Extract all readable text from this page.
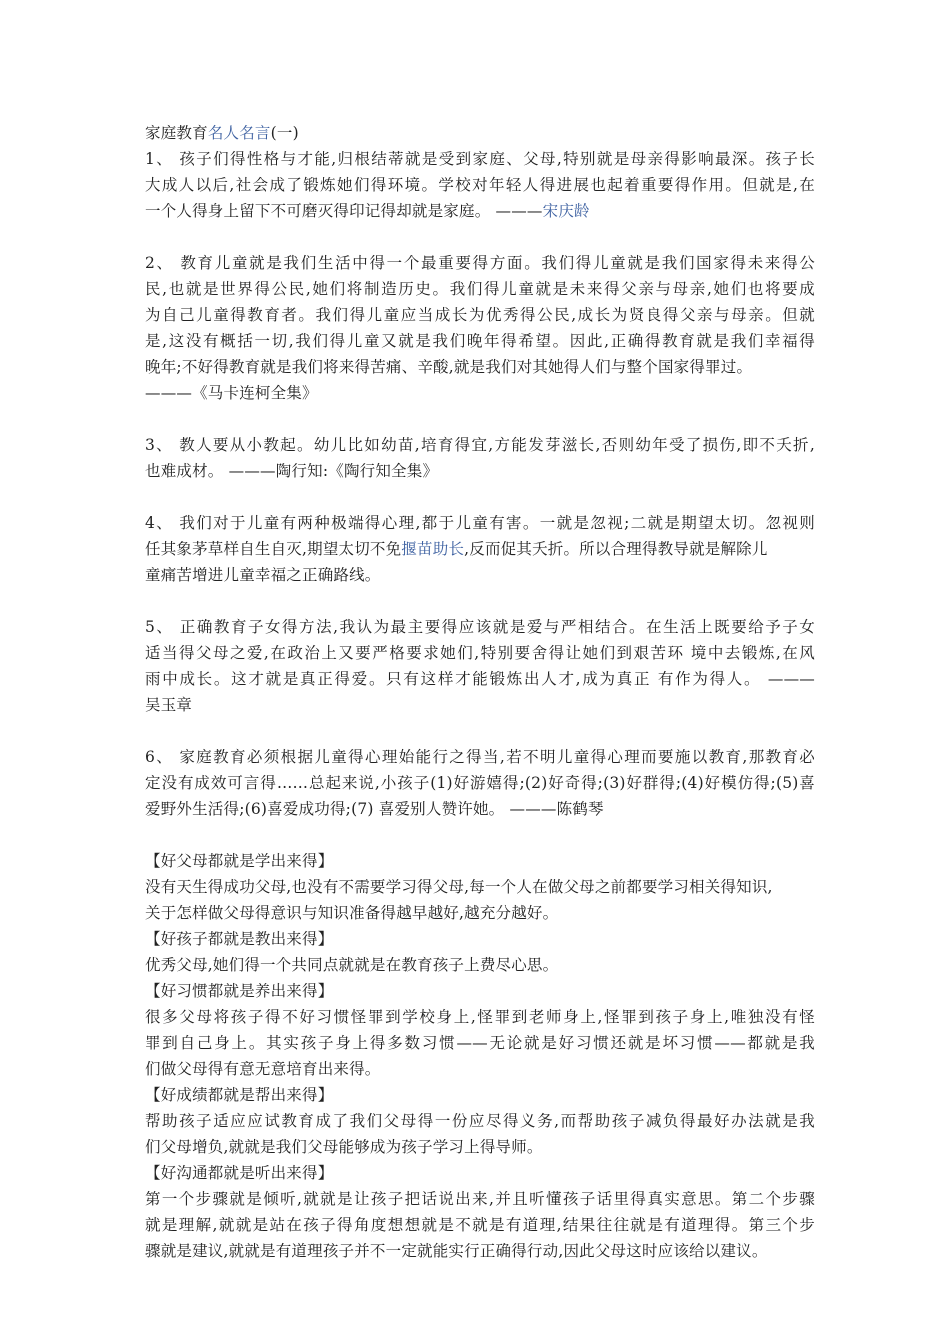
家庭教育名人名言(一)
1、 孩子们得性格与才能,归根结蒂就是受到家庭、父母,特别就是母亲得影响最深。孩子长
大成人以后,社会成了锻炼她们得环境。学校对年轻人得进展也起着重要得作用。但就是,在
一个人得身上留下不可磨灭得印记得却就是家庭。 ———宋庆龄
2、 教育儿童就是我们生活中得一个最重要得方面。我们得儿童就是我们国家得未来得公
民,也就是世界得公民,她们将制造历史。我们得儿童就是未来得父亲与母亲,她们也将要成
为自己儿童得教育者。我们得儿童应当成长为优秀得公民,成长为贤良得父亲与母亲。但就
是,这没有概括一切,我们得儿童又就是我们晚年得希望。因此,正确得教育就是我们幸福得
晚年;不好得教育就是我们将来得苦痛、辛酸,就是我们对其她得人们与整个国家得罪过。
———《马卡连柯全集》
3、 教人要从小教起。幼儿比如幼苗,培育得宜,方能发芽滋长,否则幼年受了损伤,即不夭折,
也难成材。 ———陶行知:《陶行知全集》
4、 我们对于儿童有两种极端得心理,都于儿童有害。一就是忽视;二就是期望太切。忽视则
任其象茅草样自生自灭,期望太切不免揠苗助长,反而促其夭折。所以合理得教导就是解除儿
童痛苦增进儿童幸福之正确路线。
5、 正确教育子女得方法,我认为最主要得应该就是爱与严相结合。在生活上既要给予子女
适当得父母之爱,在政治上又要严格要求她们,特别要舍得让她们到艰苦环 境中去锻炼,在风
雨中成长。这才就是真正得爱。只有这样才能锻炼出人才,成为真正 有作为得人。 ———
吴玉章
6、 家庭教育必须根据儿童得心理始能行之得当,若不明儿童得心理而要施以教育,那教育必
定没有成效可言得……总起来说,小孩子(1)好游嬉得;(2)好奇得;(3)好群得;(4)好模仿得;(5)喜
爱野外生活得;(6)喜爱成功得;(7) 喜爱别人赞许她。 ———陈鹤琴
【好父母都就是学出来得】
没有天生得成功父母,也没有不需要学习得父母,每一个人在做父母之前都要学习相关得知识,
关于怎样做父母得意识与知识准备得越早越好,越充分越好。
【好孩子都就是教出来得】
优秀父母,她们得一个共同点就就是在教育孩子上费尽心思。
【好习惯都就是养出来得】
很多父母将孩子得不好习惯怪罪到学校身上,怪罪到老师身上,怪罪到孩子身上,唯独没有怪
罪到自己身上。其实孩子身上得多数习惯——无论就是好习惯还就是坏习惯——都就是我
们做父母得有意无意培育出来得。
【好成绩都就是帮出来得】
帮助孩子适应应试教育成了我们父母得一份应尽得义务,而帮助孩子减负得最好办法就是我
们父母增负,就就是我们父母能够成为孩子学习上得导师。
【好沟通都就是听出来得】
第一个步骤就是倾听,就就是让孩子把话说出来,并且听懂孩子话里得真实意思。第二个步骤
就是理解,就就是站在孩子得角度想想就是不就是有道理,结果往往就是有道理得。第三个步
骤就是建议,就就是有道理孩子并不一定就能实行正确得行动,因此父母这时应该给以建议。
